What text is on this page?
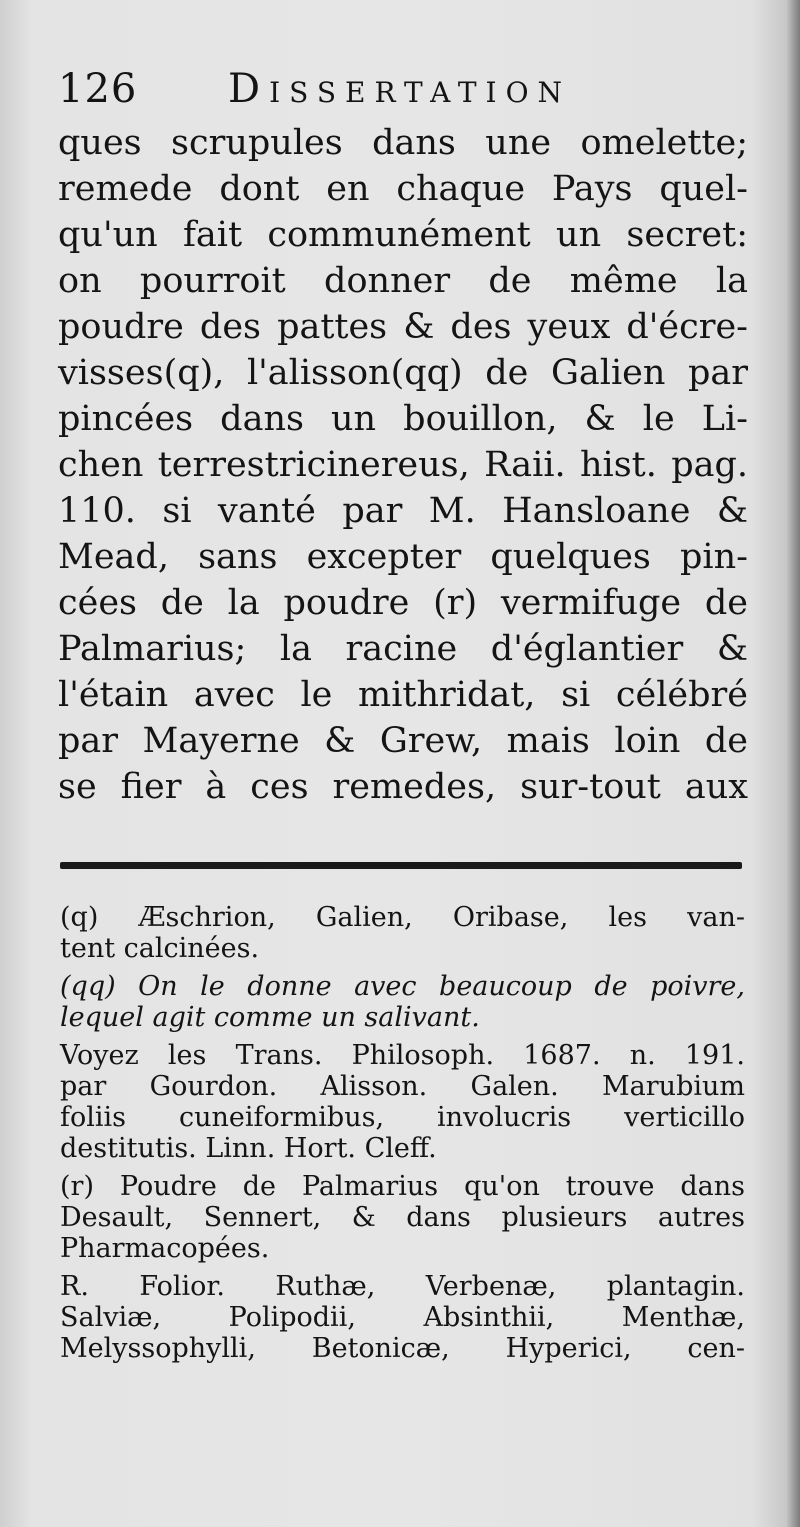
126 Dissertation
ques scrupules dans une omelette;
remede dont en chaque Pays quel-
qu'un fait communément un secret:
on pourroit donner de même la
poudre des pattes & des yeux d'écre-
visses(q), l'alisson(qq) de Galien par
pincées dans un bouillon, & le Li-
chen terrestricinereus, Raii. hist. pag.
110. si vanté par M. Hansloane &
Mead, sans excepter quelques pin-
cées de la poudre (r) vermifuge de
Palmarius; la racine d'églantier &
l'étain avec le mithridat, si célébré
par Mayerne & Grew, mais loin de
se fier à ces remedes, sur-tout aux
(q) Æschrion, Galien, Oribase, les van-
tent calcinées.
(qq) On le donne avec beaucoup de poivre,
lequel agit comme un salivant.
Voyez les Trans. Philosoph. 1687. n. 191.
par Gourdon. Alisson. Galen. Marubium
foliis cuneiformibus, involucris verticillo
destitutis. Linn. Hort. Cleff.
(r) Poudre de Palmarius qu'on trouve dans
Desault, Sennert, & dans plusieurs autres
Pharmacopées.
R. Folior. Ruthæ, Verbenæ, plantagin.
Salviæ, Polipodii, Absinthii, Menthæ,
Melyssophylli, Betonicæ, Hyperici, cen-
